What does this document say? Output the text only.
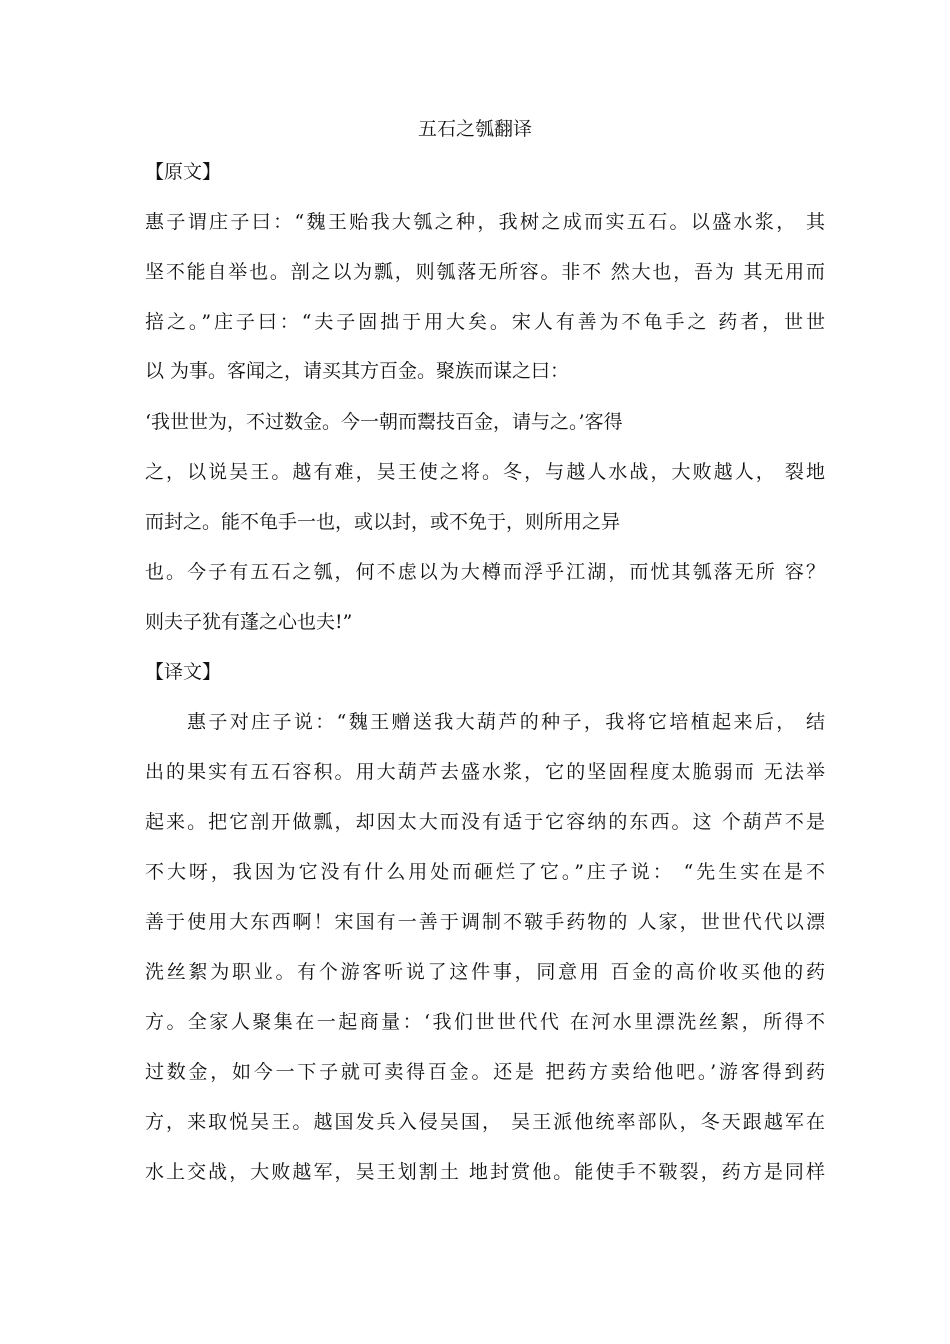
五石之瓠翻译
【原文】
惠子谓庄子曰：“魏王贻我大瓠之种，我树之成而实五石。以盛水浆， 其
坚不能自举也。剖之以为瓢，则瓠落无所容。非不 然大也，吾为 其无用而
掊之。”庄子曰：“夫子固拙于用大矣。宋人有善为不龟手之 药者，世世
以 为事。客闻之，请买其方百金。聚族而谋之曰：
‘我世世为，不过数金。今一朝而鬻技百金，请与之。’客得
之，以说吴王。越有难，吴王使之将。冬，与越人水战，大败越人， 裂地
而封之。能不龟手一也，或以封，或不免于，则所用之异
也。今子有五石之瓠，何不虑以为大樽而浮乎江湖，而忧其瓠落无所 容？
则夫子犹有蓬之心也夫!”
【译文】
惠子对庄子说：“魏王赠送我大葫芦的种子，我将它培植起来后， 结
出的果实有五石容积。用大葫芦去盛水浆，它的坚固程度太脆弱而 无法举
起来。把它剖开做瓢，却因太大而没有适于它容纳的东西。这 个葫芦不是
不大呀，我因为它没有什么用处而砸烂了它。”庄子说： “先生实在是不
善于使用大东西啊！宋国有一善于调制不皲手药物的 人家，世世代代以漂
洗丝絮为职业。有个游客听说了这件事，同意用 百金的高价收买他的药
方。全家人聚集在一起商量：‘我们世世代代 在河水里漂洗丝絮，所得不
过数金，如今一下子就可卖得百金。还是 把药方卖给他吧。’游客得到药
方，来取悦吴王。越国发兵入侵吴国， 吴王派他统率部队，冬天跟越军在
水上交战，大败越军，吴王划割土 地封赏他。能使手不皲裂，药方是同样
